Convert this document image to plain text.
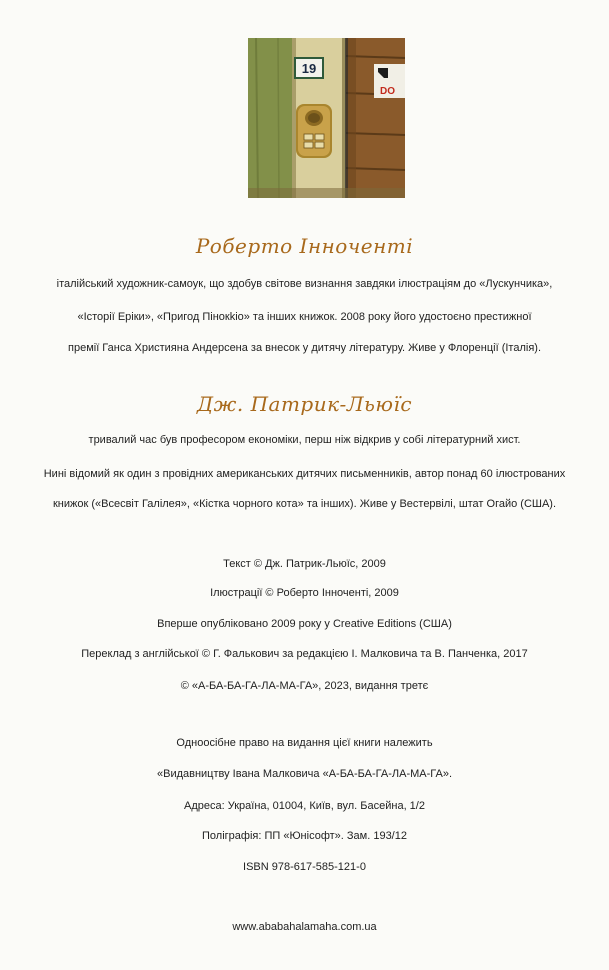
19
DO
Роберто Інноченті
італійський художник-самоук, що здобув світове визнання завдяки ілюстраціям до «Лускунчика»,
«Історії Еріки», «Пригод Пінокkio» та інших книжок. 2008 року його удостоєно престижної
премії Ганса Християна Андерсена за внесок у дитячу літературу. Живе у Флоренції (Італія).
Дж. Патрик-Льюїс
тривалий час був професором економіки, перш ніж відкрив у собі літературний хист.
Нині відомий як один з провідних американських дитячих письменників, автор понад 60 ілюстрованих
книжок («Всесвіт Галілея», «Кістка чорного кота» та інших). Живе у Вестервілі, штат Огайо (США).
Текст © Дж. Патрик-Льюїс, 2009
Ілюстрації © Роберто Інноченті, 2009
Вперше опубліковано 2009 року у Creative Editions (США)
Переклад з англійської © Г. Фалькович за редакцією І. Малковича та В. Панченка, 2017
© «А-БА-БА-ГА-ЛА-МА-ГА», 2023, видання третє
Одноосібне право на видання цієї книги належить
«Видавництву Івана Малковича «А-БА-БА-ГА-ЛА-МА-ГА».
Адреса: Україна, 01004, Київ, вул. Басейна, 1/2
Поліграфія: ПП «Юнісофт». Зам. 193/12
ISBN 978-617-585-121-0
www.ababahalamaha.com.ua
